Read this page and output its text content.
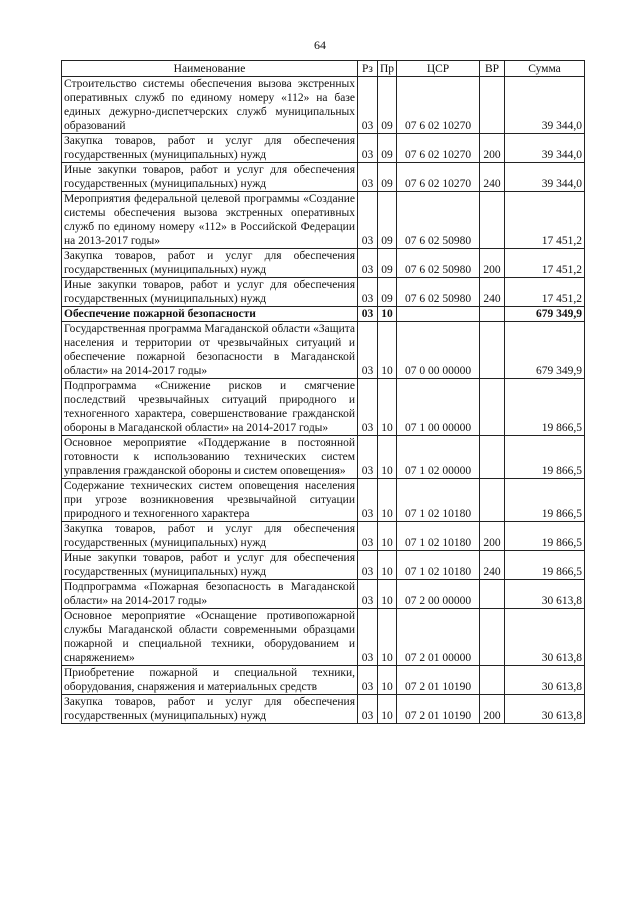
64
Наименование	Рз	Пр	ЦСР	ВР	Сумма
Строительство системы обеспечения вызова экстренных оперативных служб по единому номеру «112» на базе единых дежурно-диспетчерских служб муниципальных образований	03	09	07 6 02 10270		39 344,0
Закупка товаров, работ и услуг для обеспечения государственных (муниципальных) нужд	03	09	07 6 02 10270	200	39 344,0
Иные закупки товаров, работ и услуг для обеспечения государственных (муниципальных) нужд	03	09	07 6 02 10270	240	39 344,0
Мероприятия федеральной целевой программы «Создание системы обеспечения вызова экстренных оперативных служб по единому номеру «112» в Российской Федерации на 2013-2017 годы»	03	09	07 6 02 50980		17 451,2
Закупка товаров, работ и услуг для обеспечения государственных (муниципальных) нужд	03	09	07 6 02 50980	200	17 451,2
Иные закупки товаров, работ и услуг для обеспечения государственных (муниципальных) нужд	03	09	07 6 02 50980	240	17 451,2
Обеспечение пожарной безопасности	03	10			679 349,9
Государственная программа Магаданской области «Защита населения и территории от чрезвычайных ситуаций и обеспечение пожарной безопасности в Магаданской области» на 2014-2017 годы»	03	10	07 0 00 00000		679 349,9
Подпрограмма «Снижение рисков и смягчение последствий чрезвычайных ситуаций природного и техногенного характера, совершенствование гражданской обороны в Магаданской области» на 2014-2017 годы»	03	10	07 1 00 00000		19 866,5
Основное мероприятие «Поддержание в постоянной готовности к использованию технических систем управления гражданской обороны и систем оповещения»	03	10	07 1 02 00000		19 866,5
Содержание технических систем оповещения населения при угрозе возникновения чрезвычайной ситуации природного и техногенного характера	03	10	07 1 02 10180		19 866,5
Закупка товаров, работ и услуг для обеспечения государственных (муниципальных) нужд	03	10	07 1 02 10180	200	19 866,5
Иные закупки товаров, работ и услуг для обеспечения государственных (муниципальных) нужд	03	10	07 1 02 10180	240	19 866,5
Подпрограмма «Пожарная безопасность в Магаданской области» на 2014-2017 годы»	03	10	07 2 00 00000		30 613,8
Основное мероприятие «Оснащение противопожарной службы Магаданской области современными образцами пожарной и специальной техники, оборудованием и снаряжением»	03	10	07 2 01 00000		30 613,8
Приобретение пожарной и специальной техники, оборудования, снаряжения и материальных средств	03	10	07 2 01 10190		30 613,8
Закупка товаров, работ и услуг для обеспечения государственных (муниципальных) нужд	03	10	07 2 01 10190	200	30 613,8
